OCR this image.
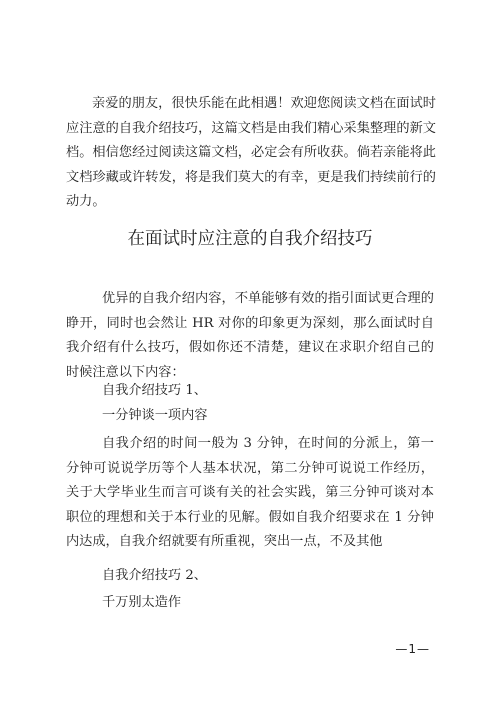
亲爱的朋友，很快乐能在此相遇！欢迎您阅读文档在面试时应注意的自我介绍技巧，这篇文档是由我们精心采集整理的新文档。相信您经过阅读这篇文档，必定会有所收获。倘若亲能将此文档珍藏或许转发，将是我们莫大的有幸，更是我们持续前行的动力。

在面试时应注意的自我介绍技巧

优异的自我介绍内容，不单能够有效的指引面试更合理的睁开，同时也会然让 HR 对你的印象更为深刻，那么面试时自我介绍有什么技巧，假如你还不清楚，建议在求职介绍自己的时候注意以下内容：

自我介绍技巧 1、

一分钟谈一项内容

自我介绍的时间一般为 3 分钟，在时间的分派上，第一分钟可说说学历等个人基本状况，第二分钟可说说工作经历，关于大学毕业生而言可谈有关的社会实践，第三分钟可谈对本职位的理想和关于本行业的见解。假如自我介绍要求在 1 分钟内达成，自我介绍就要有所重视，突出一点，不及其他

自我介绍技巧 2、

千万别太造作

—1—
